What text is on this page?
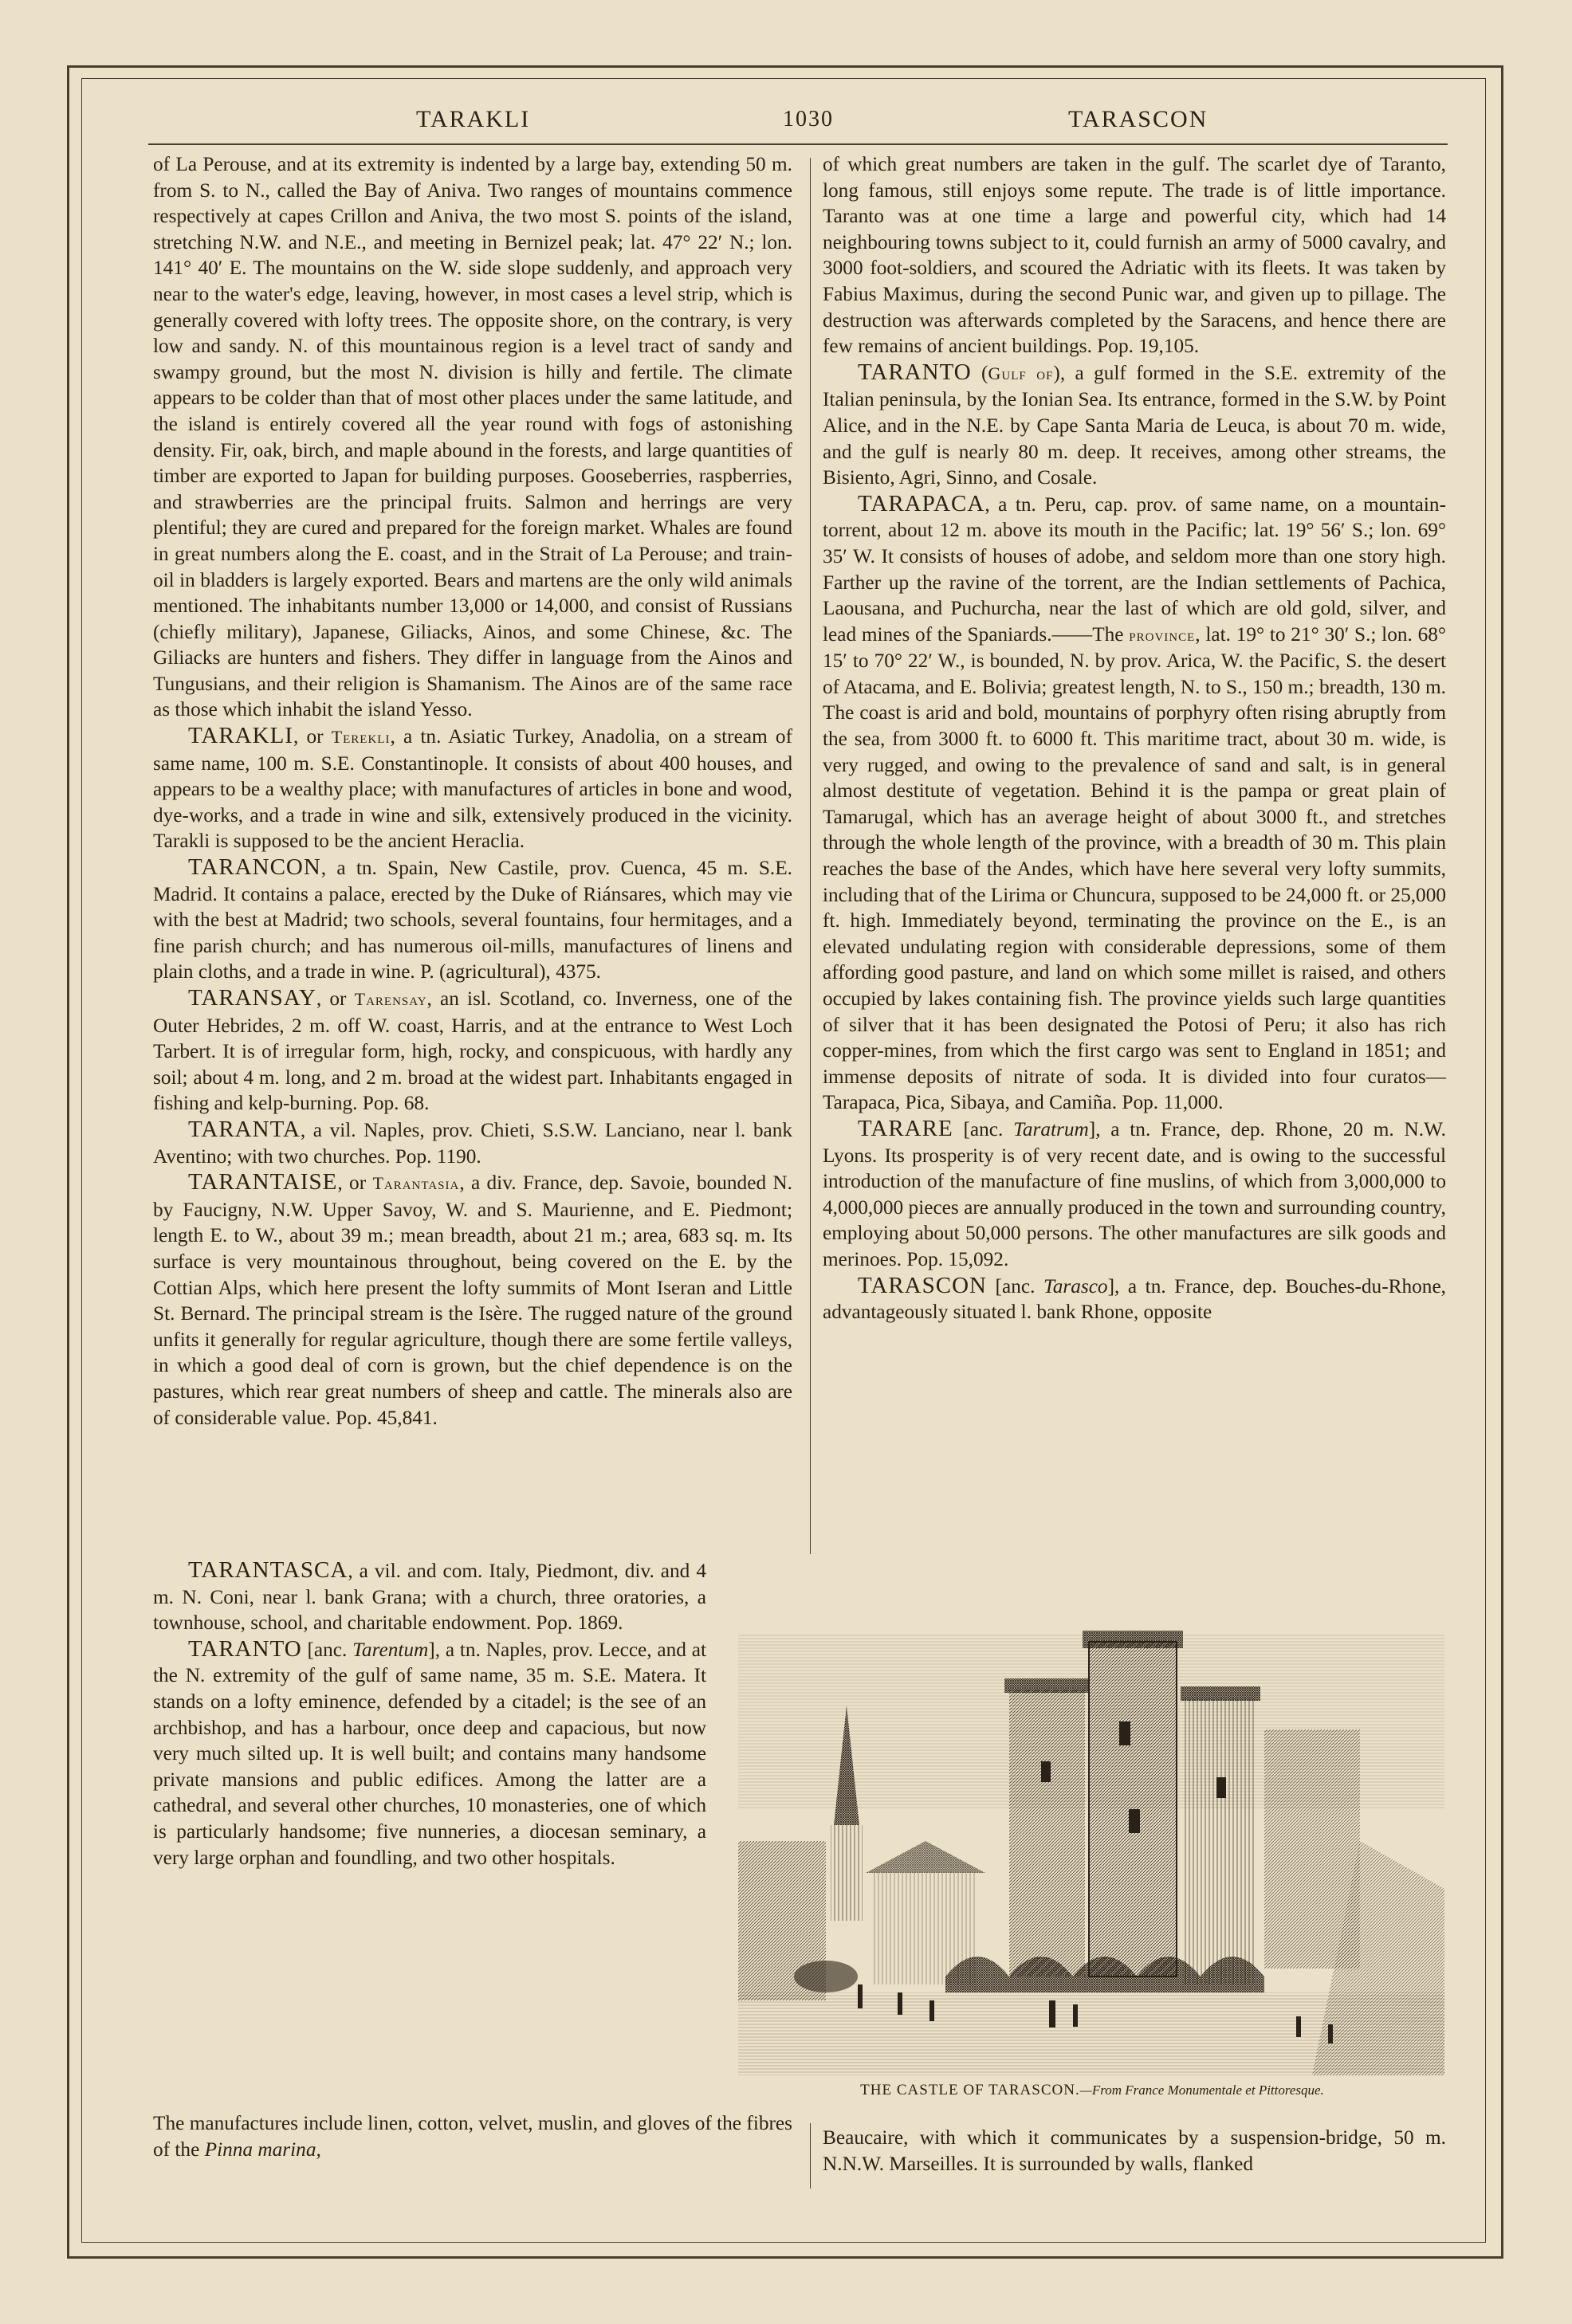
TARAKLI	1030	TARASCON

of La Perouse, and at its extremity is indented by a large bay, extending 50 m. from S. to N., called the Bay of Aniva. Two ranges of mountains commence respectively at capes Crillon and Aniva, the two most S. points of the island, stretching N.W. and N.E., and meeting in Bernizel peak; lat. 47° 22′ N.; lon. 141° 40′ E. The mountains on the W. side slope suddenly, and approach very near to the water's edge, leaving, however, in most cases a level strip, which is generally covered with lofty trees. The opposite shore, on the contrary, is very low and sandy. N. of this mountainous region is a level tract of sandy and swampy ground, but the most N. division is hilly and fertile. The climate appears to be colder than that of most other places under the same latitude, and the island is entirely covered all the year round with fogs of astonishing density. Fir, oak, birch, and maple abound in the forests, and large quantities of timber are exported to Japan for building purposes. Gooseberries, raspberries, and strawberries are the principal fruits. Salmon and herrings are very plentiful; they are cured and prepared for the foreign market. Whales are found in great numbers along the E. coast, and in the Strait of La Perouse; and train-oil in bladders is largely exported. Bears and martens are the only wild animals mentioned. The inhabitants number 13,000 or 14,000, and consist of Russians (chiefly military), Japanese, Giliacks, Ainos, and some Chinese, &c. The Giliacks are hunters and fishers. They differ in language from the Ainos and Tungusians, and their religion is Shamanism. The Ainos are of the same race as those which inhabit the island Yesso.

TARAKLI, or Terekli, a tn. Asiatic Turkey, Anadolia, on a stream of same name, 100 m. S.E. Constantinople. It consists of about 400 houses, and appears to be a wealthy place; with manufactures of articles in bone and wood, dye-works, and a trade in wine and silk, extensively produced in the vicinity. Tarakli is supposed to be the ancient Heraclia.

TARANCON, a tn. Spain, New Castile, prov. Cuenca, 45 m. S.E. Madrid. It contains a palace, erected by the Duke of Riánsares, which may vie with the best at Madrid; two schools, several fountains, four hermitages, and a fine parish church; and has numerous oil-mills, manufactures of linens and plain cloths, and a trade in wine. P. (agricultural), 4375.

TARANSAY, or Tarensay, an isl. Scotland, co. Inverness, one of the Outer Hebrides, 2 m. off W. coast, Harris, and at the entrance to West Loch Tarbert. It is of irregular form, high, rocky, and conspicuous, with hardly any soil; about 4 m. long, and 2 m. broad at the widest part. Inhabitants engaged in fishing and kelp-burning. Pop. 68.

TARANTA, a vil. Naples, prov. Chieti, S.S.W. Lanciano, near l. bank Aventino; with two churches. Pop. 1190.

TARANTAISE, or Tarantasia, a div. France, dep. Savoie, bounded N. by Faucigny, N.W. Upper Savoy, W. and S. Maurienne, and E. Piedmont; length E. to W., about 39 m.; mean breadth, about 21 m.; area, 683 sq. m. Its surface is very mountainous throughout, being covered on the E. by the Cottian Alps, which here present the lofty summits of Mont Iseran and Little St. Bernard. The principal stream is the Isère. The rugged nature of the ground unfits it generally for regular agriculture, though there are some fertile valleys, in which a good deal of corn is grown, but the chief dependence is on the pastures, which rear great numbers of sheep and cattle. The minerals also are of considerable value. Pop. 45,841.

TARANTASCA, a vil. and com. Italy, Piedmont, div. and 4 m. N. Coni, near l. bank Grana; with a church, three oratories, a townhouse, school, and charitable endowment. Pop. 1869.

TARANTO [anc. Tarentum], a tn. Naples, prov. Lecce, and at the N. extremity of the gulf of same name, 35 m. S.E. Matera. It stands on a lofty eminence, defended by a citadel; is the see of an archbishop, and has a harbour, once deep and capacious, but now very much silted up. It is well built; and contains many handsome private mansions and public edifices. Among the latter are a cathedral, and several other churches, 10 monasteries, one of which is particularly handsome; five nunneries, a diocesan seminary, a very large orphan and foundling, and two other hospitals.

The manufactures include linen, cotton, velvet, muslin, and gloves of the fibres of the Pinna marina,

of which great numbers are taken in the gulf. The scarlet dye of Taranto, long famous, still enjoys some repute. The trade is of little importance. Taranto was at one time a large and powerful city, which had 14 neighbouring towns subject to it, could furnish an army of 5000 cavalry, and 3000 foot-soldiers, and scoured the Adriatic with its fleets. It was taken by Fabius Maximus, during the second Punic war, and given up to pillage. The destruction was afterwards completed by the Saracens, and hence there are few remains of ancient buildings. Pop. 19,105.

TARANTO (Gulf of), a gulf formed in the S.E. extremity of the Italian peninsula, by the Ionian Sea. Its entrance, formed in the S.W. by Point Alice, and in the N.E. by Cape Santa Maria de Leuca, is about 70 m. wide, and the gulf is nearly 80 m. deep. It receives, among other streams, the Bisiento, Agri, Sinno, and Cosale.

TARAPACA, a tn. Peru, cap. prov. of same name, on a mountain-torrent, about 12 m. above its mouth in the Pacific; lat. 19° 56′ S.; lon. 69° 35′ W. It consists of houses of adobe, and seldom more than one story high. Farther up the ravine of the torrent, are the Indian settlements of Pachica, Laousana, and Puchurcha, near the last of which are old gold, silver, and lead mines of the Spaniards.——The province, lat. 19° to 21° 30′ S.; lon. 68° 15′ to 70° 22′ W., is bounded, N. by prov. Arica, W. the Pacific, S. the desert of Atacama, and E. Bolivia; greatest length, N. to S., 150 m.; breadth, 130 m. The coast is arid and bold, mountains of porphyry often rising abruptly from the sea, from 3000 ft. to 6000 ft. This maritime tract, about 30 m. wide, is very rugged, and owing to the prevalence of sand and salt, is in general almost destitute of vegetation. Behind it is the pampa or great plain of Tamarugal, which has an average height of about 3000 ft., and stretches through the whole length of the province, with a breadth of 30 m. This plain reaches the base of the Andes, which have here several very lofty summits, including that of the Lirima or Chuncura, supposed to be 24,000 ft. or 25,000 ft. high. Immediately beyond, terminating the province on the E., is an elevated undulating region with considerable depressions, some of them affording good pasture, and land on which some millet is raised, and others occupied by lakes containing fish. The province yields such large quantities of silver that it has been designated the Potosi of Peru; it also has rich copper-mines, from which the first cargo was sent to England in 1851; and immense deposits of nitrate of soda. It is divided into four curatos—Tarapaca, Pica, Sibaya, and Camiña. Pop. 11,000.

TARARE [anc. Taratrum], a tn. France, dep. Rhone, 20 m. N.W. Lyons. Its prosperity is of very recent date, and is owing to the successful introduction of the manufacture of fine muslins, of which from 3,000,000 to 4,000,000 pieces are annually produced in the town and surrounding country, employing about 50,000 persons. The other manufactures are silk goods and merinoes. Pop. 15,092.

TARASCON [anc. Tarasco], a tn. France, dep. Bouches-du-Rhone, advantageously situated l. bank Rhone, opposite

THE CASTLE OF TARASCON.—From France Monumentale et Pittoresque.

Beaucaire, with which it communicates by a suspension-bridge, 50 m. N.N.W. Marseilles. It is surrounded by walls, flanked
